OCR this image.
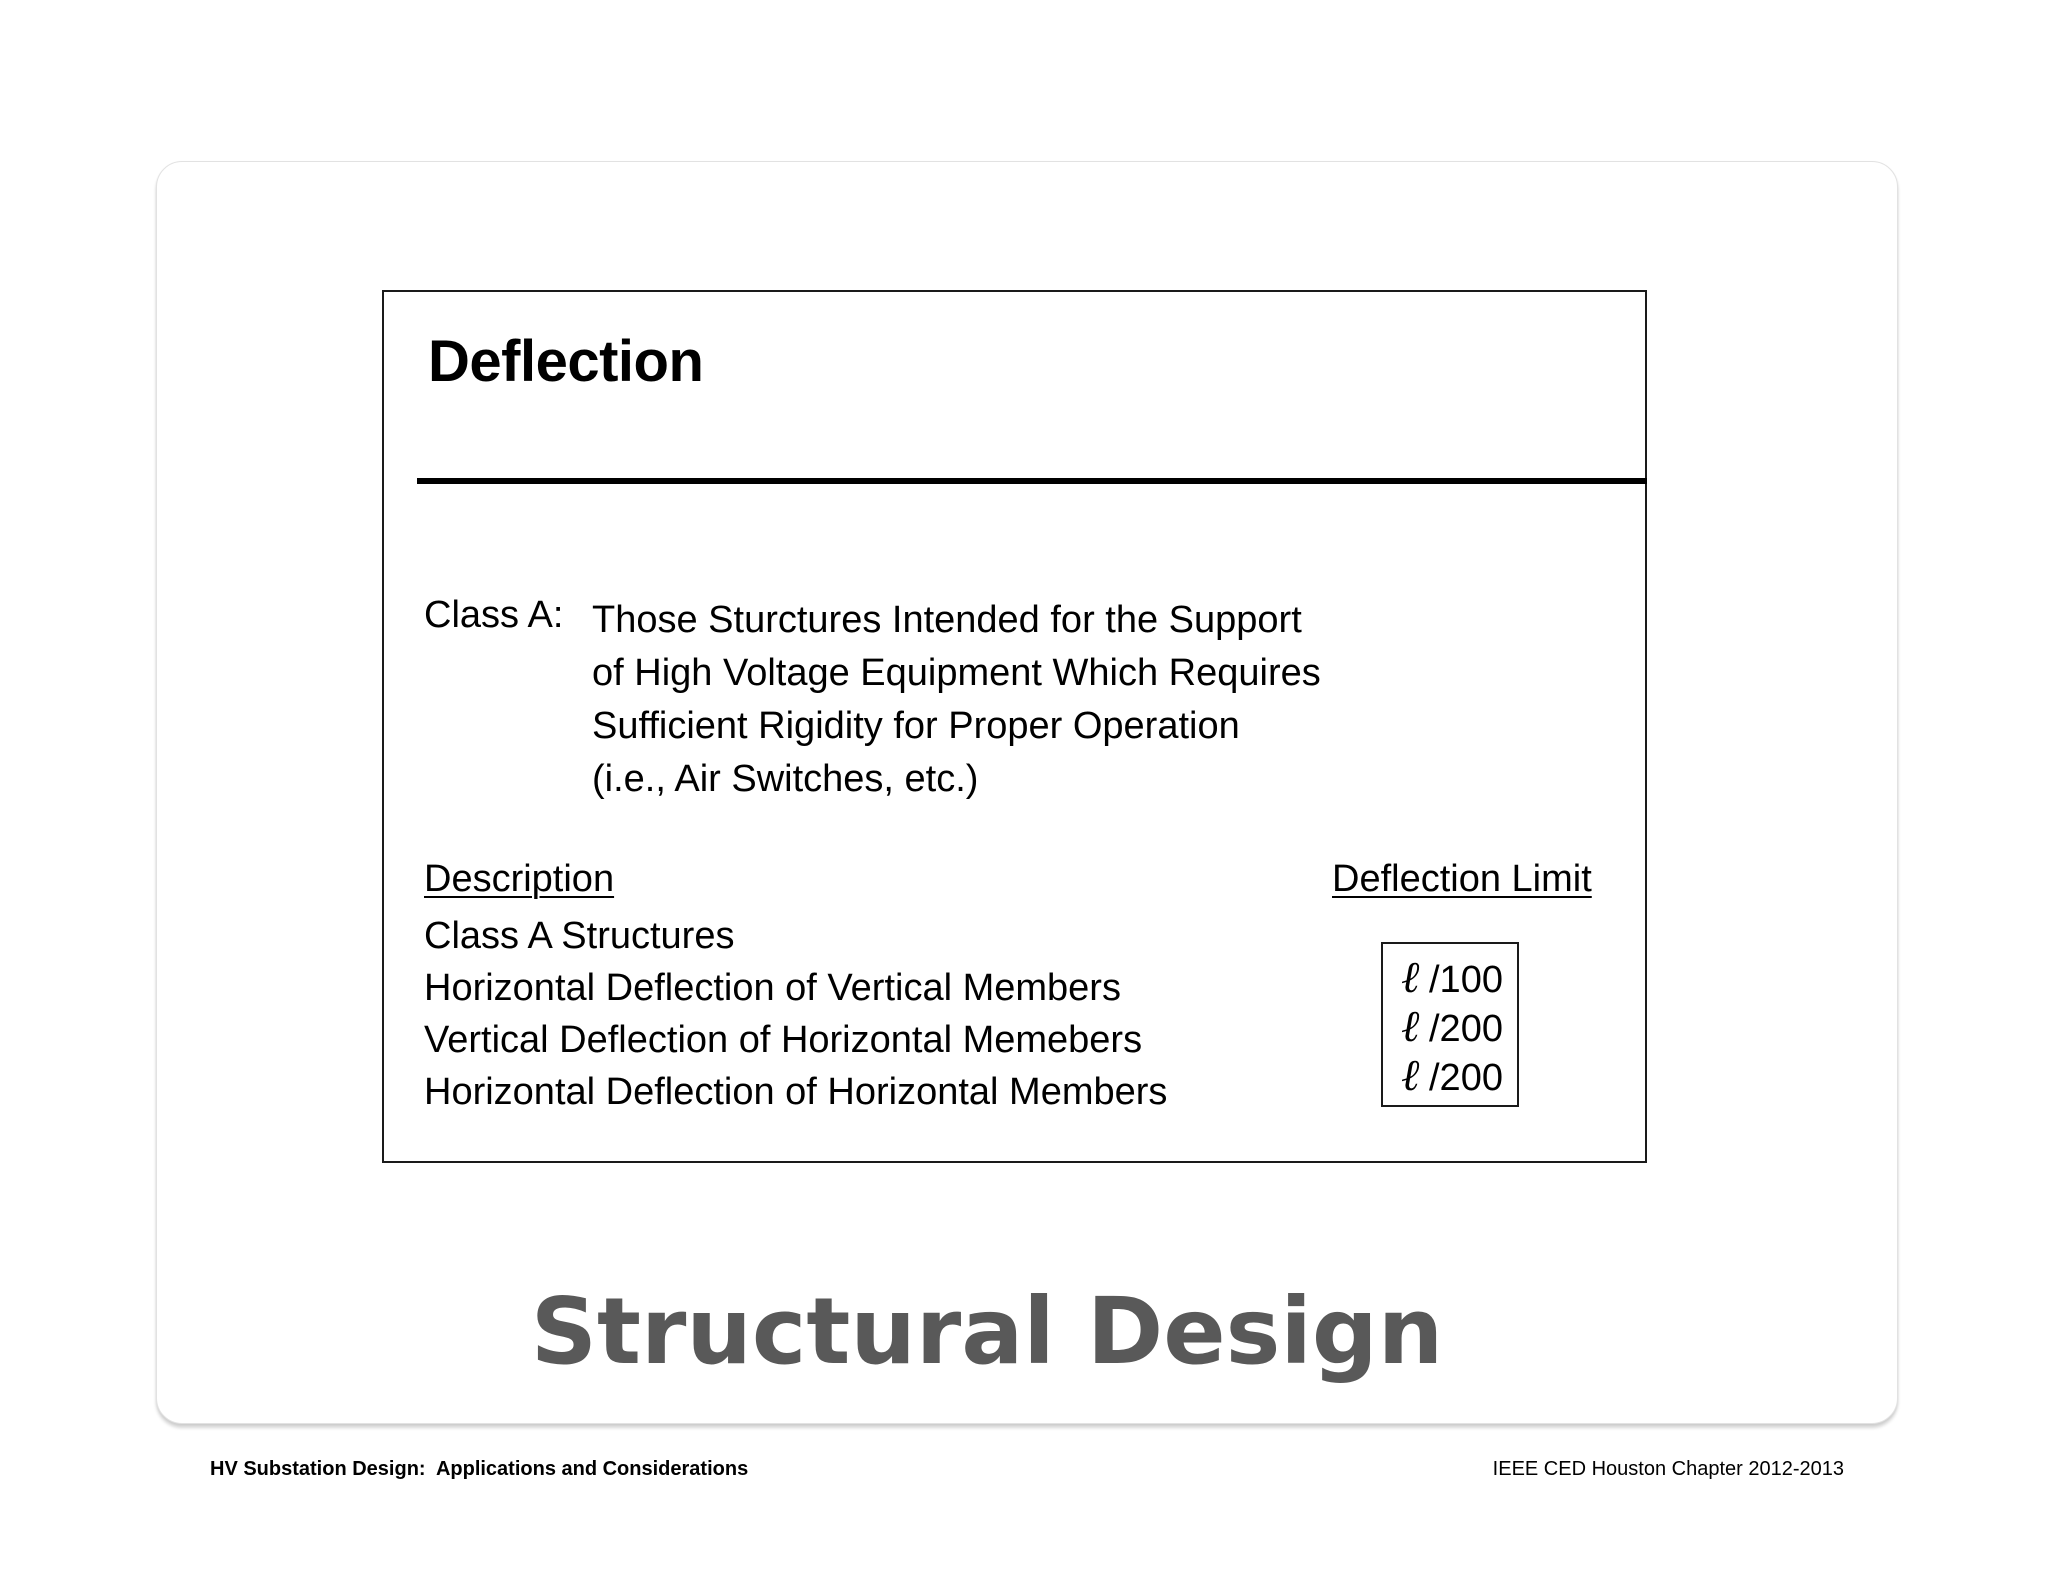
Deflection
Class A: Those Sturctures Intended for the Support
of High Voltage Equipment Which Requires
Sufficient Rigidity for Proper Operation
(i.e., Air Switches, etc.)
Description	Deflection Limit
Class A Structures
Horizontal Deflection of Vertical Members
Vertical Deflection of Horizontal Memebers
Horizontal Deflection of Horizontal Members
ℓ /100
ℓ /200
ℓ /200
Structural Design
HV Substation Design:  Applications and Considerations	IEEE CED Houston Chapter 2012-2013
